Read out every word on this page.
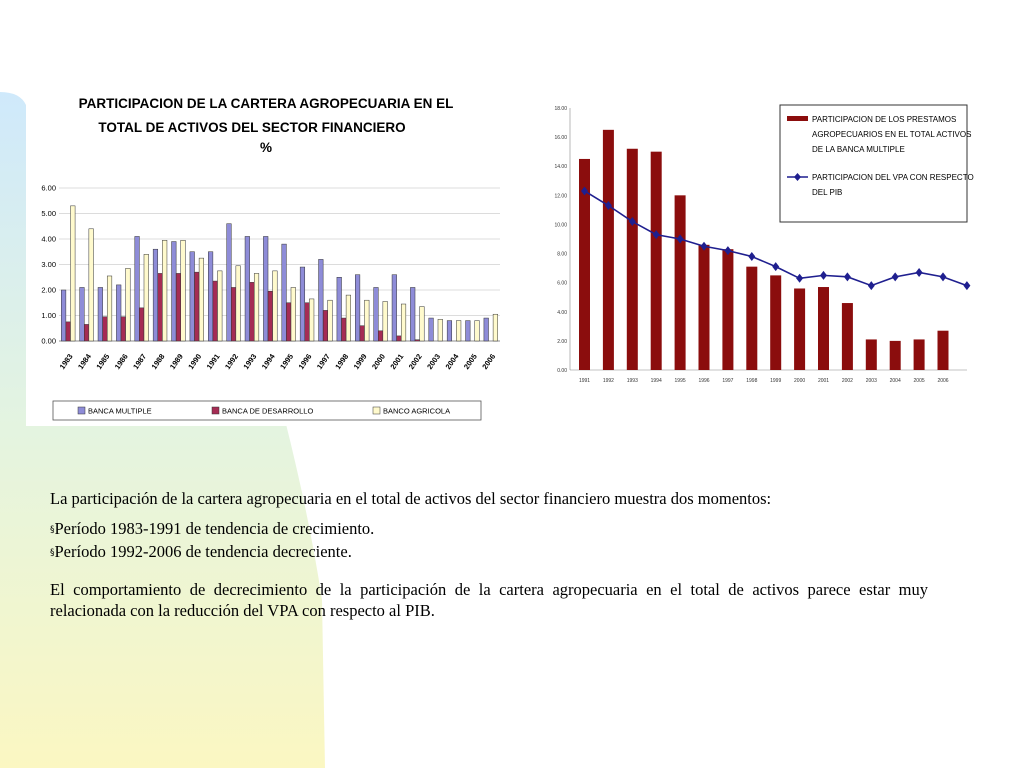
PARTICIPACION DE LA CARTERA AGROPECUARIA EN EL
TOTAL DE ACTIVOS DEL SECTOR FINANCIERO
%
0.00
1.00
2.00
3.00
4.00
5.00
6.00
1983 1984 1985 1986 1987 1988 1989 1990 1991 1992 1993 1994 1995 1996 1997 1998 1999 2000 2001 2002 2003 2004 2005 2006
BANCA MULTIPLE	BANCA DE DESARROLLO	BANCO AGRICOLA
0.00
2.00
4.00
6.00
8.00
10.00
12.00
14.00
16.00
18.00
1991	1992	1993	1994	1995	1996	1997	1998	1999	2000	2001	2002	2003	2004	2005	2006
PARTICIPACION DE LOS PRESTAMOS
AGROPECUARIOS EN EL TOTAL ACTIVOS
DE LA BANCA MULTIPLE
PARTICIPACION DEL VPA CON RESPECTO
DEL PIB

La participación de la cartera agropecuaria en el total de activos del sector financiero muestra dos momentos:

§Período 1983-1991 de tendencia de crecimiento.
§Período 1992-2006 de tendencia decreciente.

El comportamiento de decrecimiento de la participación de la cartera agropecuaria en el total de activos parece estar muy relacionada con la reducción del VPA con respecto al PIB.
